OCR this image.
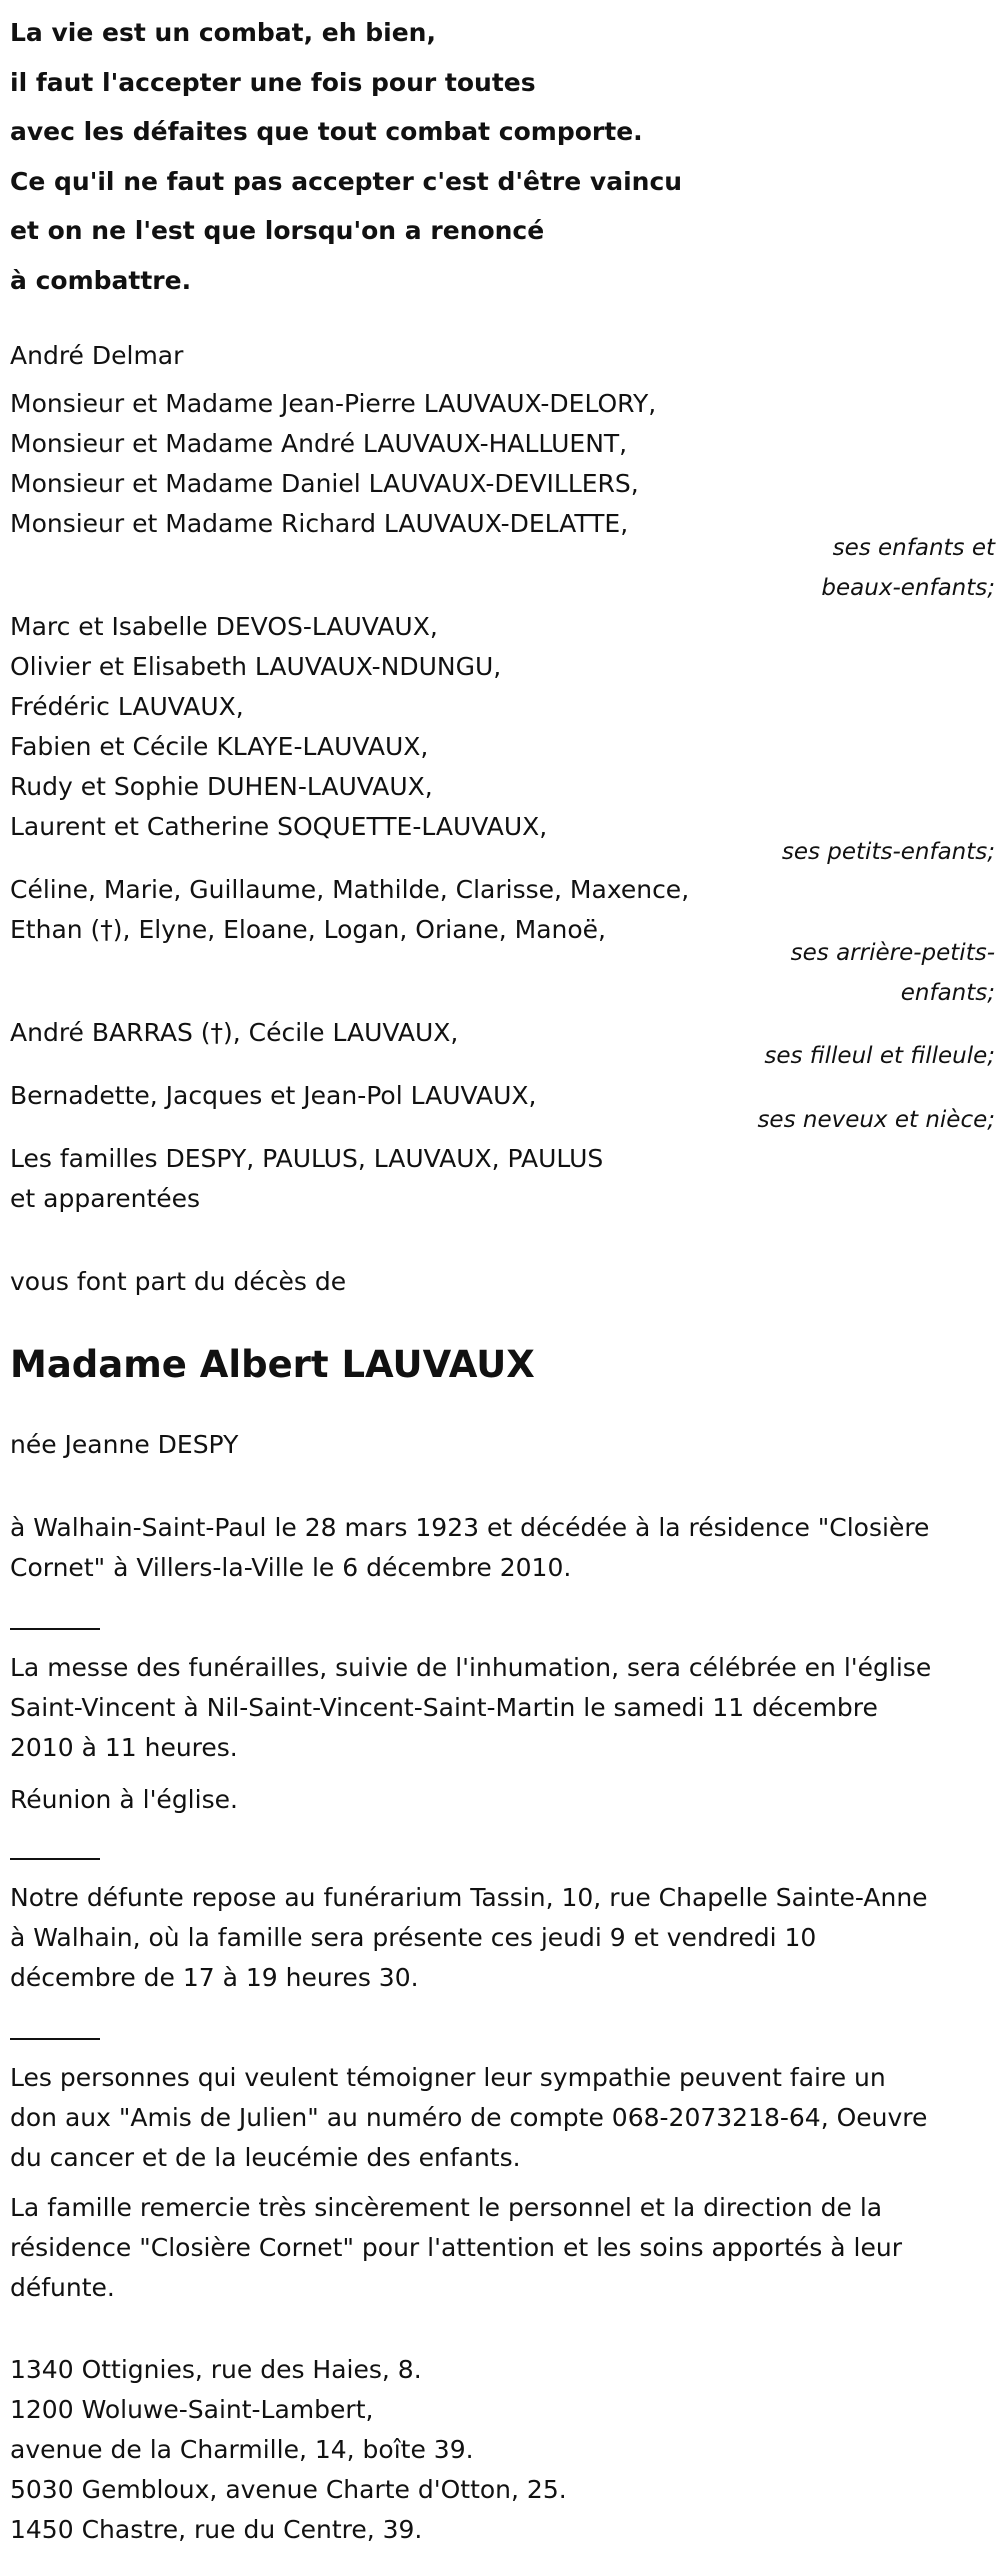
La vie est un combat, eh bien,
il faut l'accepter une fois pour toutes
avec les défaites que tout combat comporte.
Ce qu'il ne faut pas accepter c'est d'être vaincu
et on ne l'est que lorsqu'on a renoncé
à combattre.
André Delmar
Monsieur et Madame Jean-Pierre LAUVAUX-DELORY,
Monsieur et Madame André LAUVAUX-HALLUENT,
Monsieur et Madame Daniel LAUVAUX-DEVILLERS,
Monsieur et Madame Richard LAUVAUX-DELATTE,
ses enfants et
beaux-enfants;
Marc et Isabelle DEVOS-LAUVAUX,
Olivier et Elisabeth LAUVAUX-NDUNGU,
Frédéric LAUVAUX,
Fabien et Cécile KLAYE-LAUVAUX,
Rudy et Sophie DUHEN-LAUVAUX,
Laurent et Catherine SOQUETTE-LAUVAUX,
ses petits-enfants;
Céline, Marie, Guillaume, Mathilde, Clarisse, Maxence,
Ethan (†), Elyne, Eloane, Logan, Oriane, Manoë,
ses arrière-petits-
enfants;
André BARRAS (†), Cécile LAUVAUX,
ses filleul et filleule;
Bernadette, Jacques et Jean-Pol LAUVAUX,
ses neveux et nièce;
Les familles DESPY, PAULUS, LAUVAUX, PAULUS
et apparentées
vous font part du décès de
Madame Albert LAUVAUX
née Jeanne DESPY
à Walhain-Saint-Paul le 28 mars 1923 et décédée à la résidence "Closière
Cornet" à Villers-la-Ville le 6 décembre 2010.
La messe des funérailles, suivie de l'inhumation, sera célébrée en l'église
Saint-Vincent à Nil-Saint-Vincent-Saint-Martin le samedi 11 décembre
2010 à 11 heures.
Réunion à l'église.
Notre défunte repose au funérarium Tassin, 10, rue Chapelle Sainte-Anne
à Walhain, où la famille sera présente ces jeudi 9 et vendredi 10
décembre de 17 à 19 heures 30.
Les personnes qui veulent témoigner leur sympathie peuvent faire un
don aux "Amis de Julien" au numéro de compte 068-2073218-64, Oeuvre
du cancer et de la leucémie des enfants.
La famille remercie très sincèrement le personnel et la direction de la
résidence "Closière Cornet" pour l'attention et les soins apportés à leur
défunte.
1340 Ottignies, rue des Haies, 8.
1200 Woluwe-Saint-Lambert,
avenue de la Charmille, 14, boîte 39.
5030 Gembloux, avenue Charte d'Otton, 25.
1450 Chastre, rue du Centre, 39.
